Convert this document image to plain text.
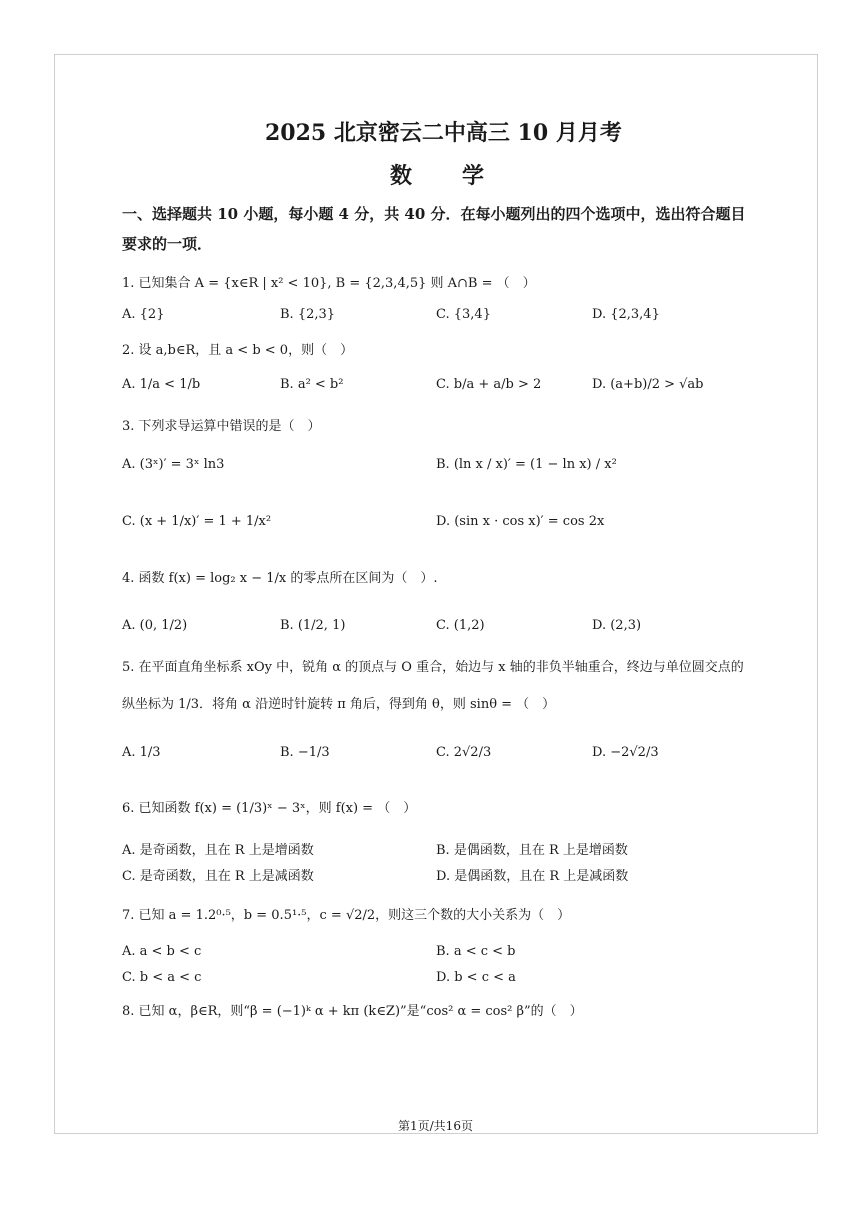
2025 北京密云二中高三 10 月月考
数　　学
一、选择题共 10 小题，每小题 4 分，共 40 分．在每小题列出的四个选项中，选出符合题目
要求的一项．
1. 已知集合 A = {x∈R | x² < 10}, B = {2,3,4,5} 则 A∩B = （　）
A. {2}	B. {2,3}	C. {3,4}	D. {2,3,4}
2. 设 a,b∈R，且 a < b < 0，则（　）
A. 1/a < 1/b	B. a² < b²	C. b/a + a/b > 2	D. (a+b)/2 > √ab
3. 下列求导运算中错误的是（　）
A. (3ˣ)′ = 3ˣ ln3	B. (ln x / x)′ = (1 − ln x) / x²
C. (x + 1/x)′ = 1 + 1/x²	D. (sin x · cos x)′ = cos 2x
4. 函数 f(x) = log₂ x − 1/x 的零点所在区间为（　）.
A. (0, 1/2)	B. (1/2, 1)	C. (1,2)	D. (2,3)
5. 在平面直角坐标系 xOy 中，锐角 α 的顶点与 O 重合，始边与 x 轴的非负半轴重合，终边与单位圆交点的
纵坐标为 1/3．将角 α 沿逆时针旋转 π 角后，得到角 θ，则 sinθ = （　）
A. 1/3	B. −1/3	C. 2√2/3	D. −2√2/3
6. 已知函数 f(x) = (1/3)ˣ − 3ˣ，则 f(x) = （　）
A. 是奇函数，且在 R 上是增函数	B. 是偶函数，且在 R 上是增函数
C. 是奇函数，且在 R 上是减函数	D. 是偶函数，且在 R 上是减函数
7. 已知 a = 1.2⁰·⁵，b = 0.5¹·⁵，c = √2/2，则这三个数的大小关系为（　）
A. a < b < c	B. a < c < b
C. b < a < c	D. b < c < a
8. 已知 α，β∈R，则“β = (−1)ᵏ α + kπ (k∈Z)”是“cos² α = cos² β”的（　）
第1页/共16页
